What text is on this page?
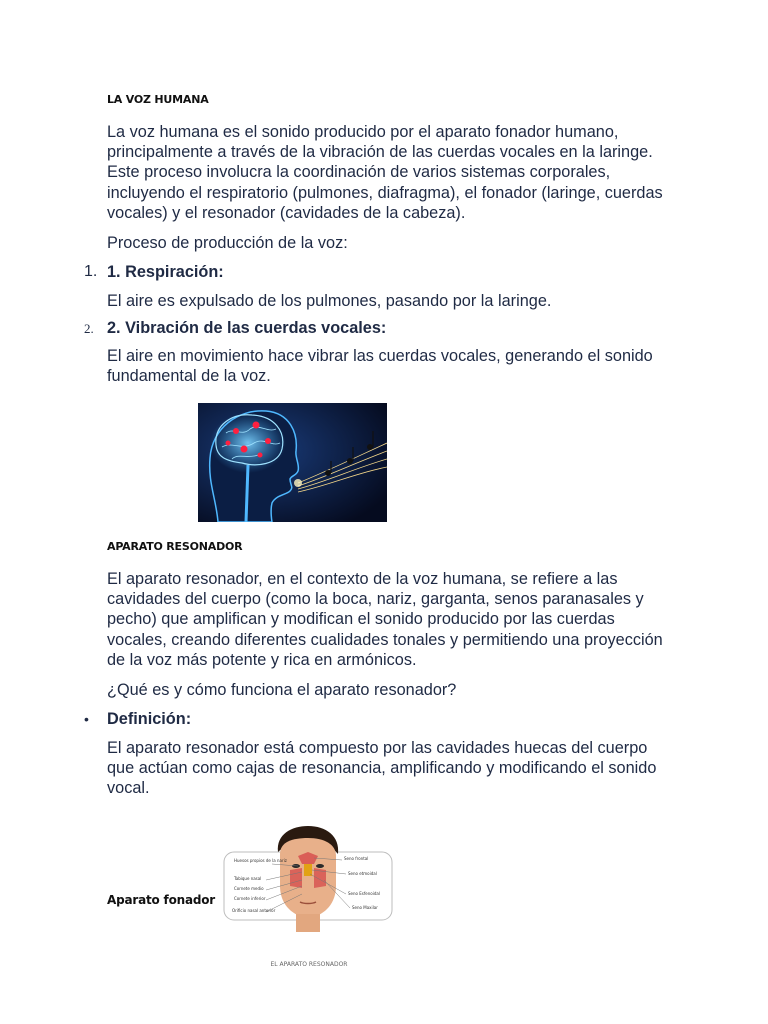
LA VOZ HUMANA
La voz humana es el sonido producido por el aparato fonador humano, principalmente a través de la vibración de las cuerdas vocales en la laringe. Este proceso involucra la coordinación de varios sistemas corporales, incluyendo el respiratorio (pulmones, diafragma), el fonador (laringe, cuerdas vocales) y el resonador (cavidades de la cabeza).
Proceso de producción de la voz:
1. 1. Respiración:
El aire es expulsado de los pulmones, pasando por la laringe.
2. 2. Vibración de las cuerdas vocales:
El aire en movimiento hace vibrar las cuerdas vocales, generando el sonido fundamental de la voz.
APARATO RESONADOR
El aparato resonador, en el contexto de la voz humana, se refiere a las cavidades del cuerpo (como la boca, nariz, garganta, senos paranasales y pecho) que amplifican y modifican el sonido producido por las cuerdas vocales, creando diferentes cualidades tonales y permitiendo una proyección de la voz más potente y rica en armónicos.
¿Qué es y cómo funciona el aparato resonador?
• Definición:
El aparato resonador está compuesto por las cavidades huecas del cuerpo que actúan como cajas de resonancia, amplificando y modificando el sonido vocal.
Aparato fonador
Huesos propios de la nariz
Tabique nasal
Cornete medio
Cornete inferior
Orificio nasal anterior
Seno frontal
Seno etmoidal
Seno Esfenoidal
Seno Maxilar
EL APARATO RESONADOR
